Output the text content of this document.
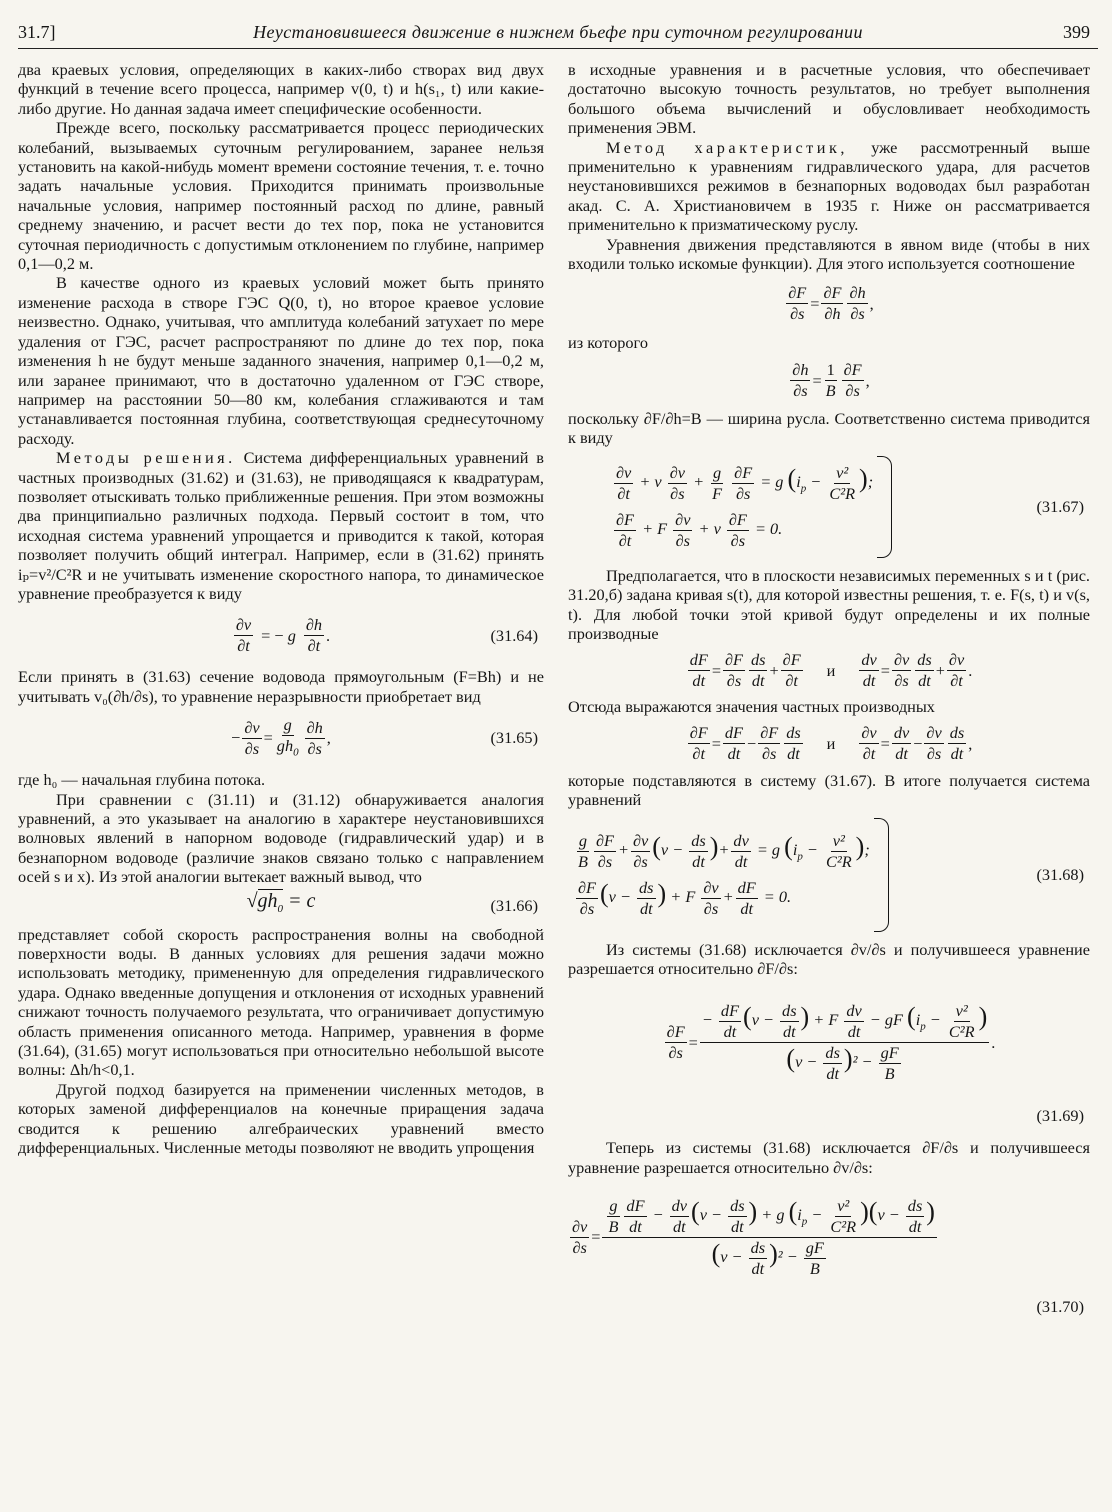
31.7]	Неустановившееся движение в нижнем бьефе при суточном регулировании	399

два краевых условия, определяющих в каких-либо створах вид двух функций в течение всего процесса, например v(0, t) и h(s₁, t) или какие-либо другие. Но данная задача имеет специфические особенности.

Прежде всего, поскольку рассматривается процесс периодических колебаний, вызываемых суточным регулированием, заранее нельзя установить на какой-нибудь момент времени состояние течения, т. е. точно задать начальные условия. Приходится принимать произвольные начальные условия, например постоянный расход по длине, равный среднему значению, и расчет вести до тех пор, пока не установится суточная периодичность с допустимым отклонением по глубине, например 0,1—0,2 м.

В качестве одного из краевых условий может быть принято изменение расхода в створе ГЭС Q(0, t), но второе краевое условие неизвестно. Однако, учитывая, что амплитуда колебаний затухает по мере удаления от ГЭС, расчет распространяют по длине до тех пор, пока изменения h не будут меньше заданного значения, например 0,1—0,2 м, или заранее принимают, что в достаточно удаленном от ГЭС створе, например на расстоянии 50—80 км, колебания сглаживаются и там устанавливается постоянная глубина, соответствующая среднесуточному расходу.

Методы решения. Система дифференциальных уравнений в частных производных (31.62) и (31.63), не приводящаяся к квадратурам, позволяет отыскивать только приближенные решения. При этом возможны два принципиально различных подхода. Первый состоит в том, что исходная система уравнений упрощается и приводится к такой, которая позволяет получить общий интеграл. Например, если в (31.62) принять iₚ=v²/C²R и не учитывать изменение скоростного напора, то динамическое уравнение преобразуется к виду

$\frac{\partial v}{\partial t}$ = − g $\frac{\partial h}{\partial t}$ .	(31.64)

Если принять в (31.63) сечение водовода прямоугольным (F=Bh) и не учитывать v₀(∂h/∂s), то уравнение неразрывности приобретает вид

− $\frac{\partial v}{\partial s} = \frac{g}{gh_0} \frac{\partial h}{\partial s}$ ,	(31.65)

где h₀ — начальная глубина потока.

При сравнении с (31.11) и (31.12) обнаруживается аналогия уравнений, а это указывает на аналогию в характере неустановившихся волновых явлений в напорном водоводе (гидравлический удар) и в безнапорном водоводе (различие знаков связано только с направлением осей s и x). Из этой аналогии вытекает важный вывод, что

$√gh_0 = c$	(31.66)

представляет собой скорость распространения волны на свободной поверхности воды. В данных условиях для решения задачи можно использовать методику, примененную для определения гидравлического удара. Однако введенные допущения и отклонения от исходных уравнений снижают точность получаемого результата, что ограничивает допустимую область применения описанного метода. Например, уравнения в форме (31.64), (31.65) могут использоваться при относительно небольшой высоте волны: Δh/h<0,1.

Другой подход базируется на применении численных методов, в которых заменой дифференциалов на конечные приращения задача сводится к решению алгебраических уравнений вместо дифференциальных. Численные методы позволяют не вводить упрощения

в исходные уравнения и в расчетные условия, что обеспечивает достаточно высокую точность результатов, но требует выполнения большого объема вычислений и обусловливает необходимость применения ЭВМ.

Метод характеристик, уже рассмотренный выше применительно к уравнениям гидравлического удара, для расчетов неустановившихся режимов в безнапорных водоводах был разработан акад. С. А. Христиановичем в 1935 г. Ниже он рассматривается применительно к призматическому руслу.

Уравнения движения представляются в явном виде (чтобы в них входили только искомые функции). Для этого используется соотношение

$\frac{\partial F}{\partial s} = \frac{\partial F}{\partial h} \frac{\partial h}{\partial s}$ ,

из которого

$\frac{\partial h}{\partial s} = \frac{1}{B} \frac{\partial F}{\partial s}$ ,

поскольку ∂F/∂h=B — ширина русла. Соответственно система приводится к виду

$\frac{\partial v}{\partial t} + v \frac{\partial v}{\partial s} + \frac{g}{F}$
$\frac{\partial F}{\partial s} = g$ ($i_p - \frac{\text{v²}}{\text{C²R}}$ );
$\frac{\partial F}{\partial t} + F \frac{\partial v}{\partial s} + v \frac{\partial F}{\partial s} = 0$.
(31.67)

Предполагается, что в плоскости независимых переменных s и t (рис. 31.20,б) задана кривая s(t), для которой известны решения, т. е. F(s, t) и v(s, t). Для любой точки этой кривой будут определены и их полные производные

$\frac{dF}{dt} = \frac{\partial F}{\partial s} \frac{ds}{dt} + \frac{\partial F}{\partial t}$ и $\frac{dv}{dt} = \frac{\partial v}{\partial s} \frac{ds}{dt} + \frac{\partial v}{\partial t}$ .

Отсюда выражаются значения частных производных

$\frac{\partial F}{\partial t} = \frac{dF}{dt} - \frac{\partial F}{\partial s} \frac{ds}{dt}$ и $\frac{\partial v}{\partial t} = \frac{dv}{dt} - \frac{\partial v}{\partial s} \frac{ds}{dt}$ ,

которые подставляются в систему (31.67). В итоге получается система уравнений

$\frac{g}{B} \frac{\partial F}{\partial s} + \frac{\partial v}{\partial s} (v - \frac{ds}{dt}$ )+ $\frac{dv}{dt} = g$ ($i_p - \frac{\text{v²}}{\text{C²R}}$ );
$\frac{\partial F}{\partial s} (v - \frac{ds}{dt}$ ) + F $\frac{\partial v}{\partial s} + \frac{dF}{dt} = 0$.
(31.68)

Из системы (31.68) исключается ∂v/∂s и получившееся уравнение разрешается относительно ∂F/∂s:

$\frac{\partial F}{\partial s} = \frac{- \frac{dF}{dt} (v - \frac{ds}{dt} ) + F \frac{dv}{dt} - gF (i_p - \frac{\text{v²}}{\text{C²R}} )}{(v - \frac{ds}{dt} )^2 - \frac{gF}{B}}$ .
(31.69)

Теперь из системы (31.68) исключается ∂F/∂s и получившееся уравнение разрешается относительно ∂v/∂s:

$\frac{\partial v}{\partial s} = \frac{\frac{g}{B} \frac{dF}{dt} - \frac{dv}{dt} (v - \frac{ds}{dt} ) + g (i_p - \frac{\text{v²}}{\text{C²R}} )(v - \frac{ds}{dt} )}{(v - \frac{ds}{dt} )^2 - \frac{gF}{B}}$
(31.70)
